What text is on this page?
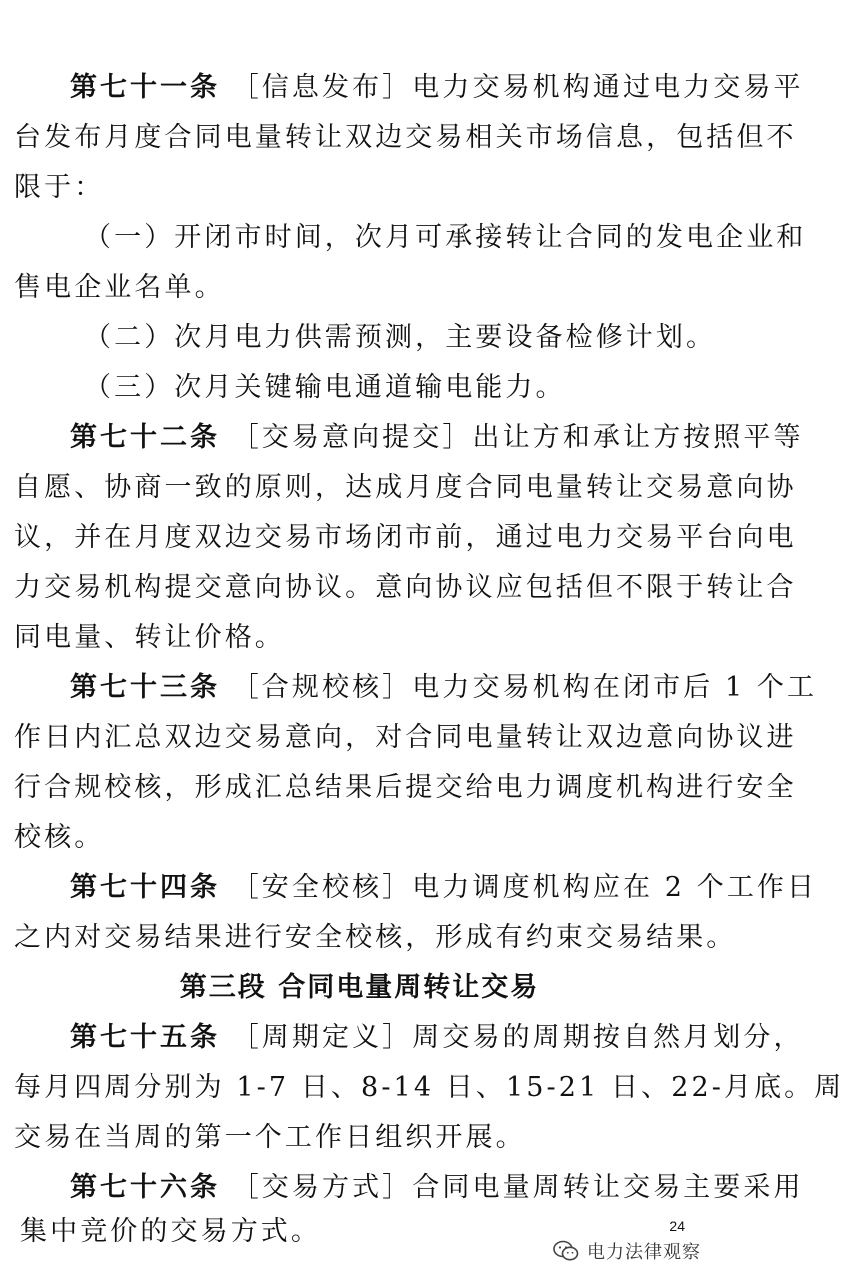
第七十一条 ［信息发布］电力交易机构通过电力交易平
台发布月度合同电量转让双边交易相关市场信息，包括但不
限于：
（一）开闭市时间，次月可承接转让合同的发电企业和
售电企业名单。
（二）次月电力供需预测，主要设备检修计划。
（三）次月关键输电通道输电能力。
第七十二条 ［交易意向提交］出让方和承让方按照平等
自愿、协商一致的原则，达成月度合同电量转让交易意向协
议，并在月度双边交易市场闭市前，通过电力交易平台向电
力交易机构提交意向协议。意向协议应包括但不限于转让合
同电量、转让价格。
第七十三条 ［合规校核］电力交易机构在闭市后 1 个工
作日内汇总双边交易意向，对合同电量转让双边意向协议进
行合规校核，形成汇总结果后提交给电力调度机构进行安全
校核。
第七十四条 ［安全校核］电力调度机构应在 2 个工作日
之内对交易结果进行安全校核，形成有约束交易结果。
第三段 合同电量周转让交易
第七十五条 ［周期定义］周交易的周期按自然月划分，
每月四周分别为 1-7 日、8-14 日、15-21 日、22-月底。周
交易在当周的第一个工作日组织开展。
第七十六条 ［交易方式］合同电量周转让交易主要采用
集中竞价的交易方式。	24
电力法律观察
